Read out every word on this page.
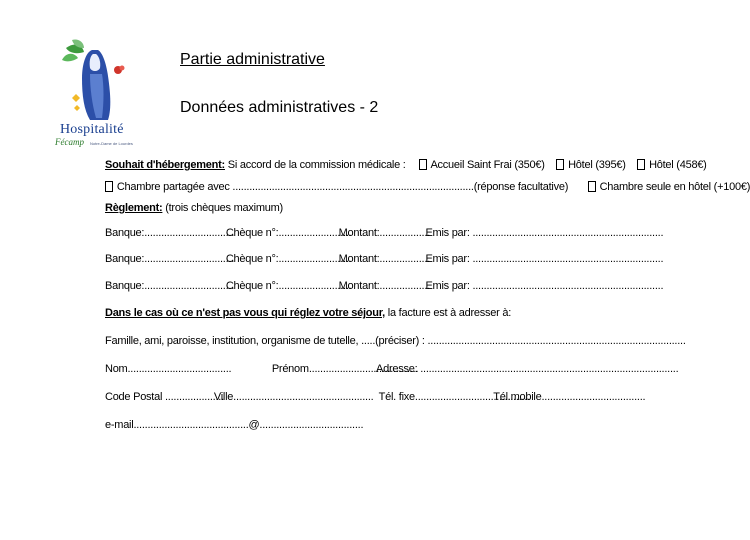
Hospitalité
Fécamp	Notre-Dame de Lourdes
Partie administrative
Données administratives - 2
Souhait d'hébergement: Si accord de la commission médicale : Accueil Saint Frai (350€) Hôtel (395€) Hôtel (458€)
Chambre partagée avec ......................................................................................(réponse facultative)	Chambre seule en hôtel (+100€)
Règlement: (trois chèques maximum)
Banque:................................ Chèque n°:.......................... Montant:.................. Emis par: ....................................................................
Banque:................................ Chèque n°:.......................... Montant:.................. Emis par: ....................................................................
Banque:................................ Chèque n°:.......................... Montant:.................. Emis par: ....................................................................
Dans le cas où ce n'est pas vous qui réglez votre séjour, la facture est à adresser à:
Famille, ami, paroisse, institution, organisme de tutelle, .....(préciser) : ............................................................................................
Nom.....................................	Prénom....................................... Adresse: ............................................................................................
Code Postal ..................... Ville.................................................. Tél. fixe......................................... Tél.mobile.....................................
e-mail.........................................@.....................................
